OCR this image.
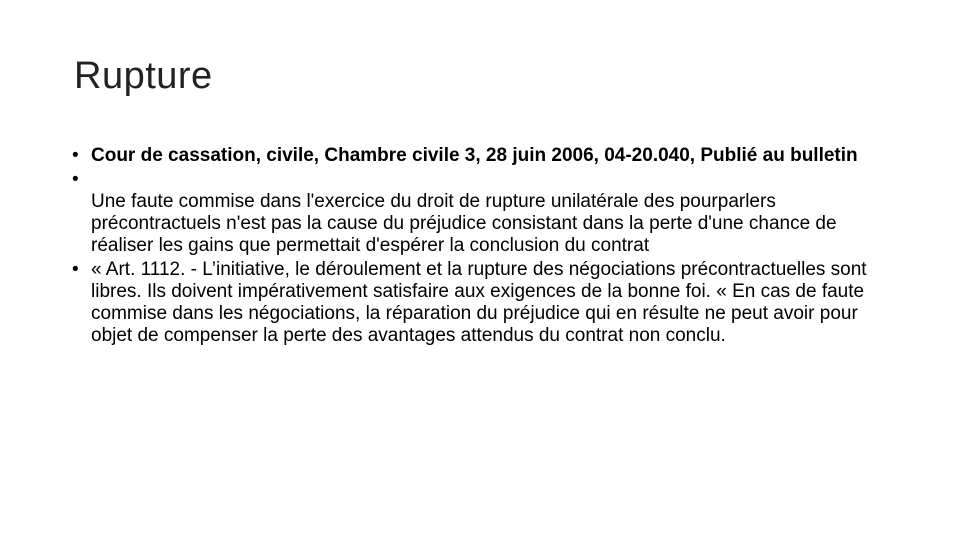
Rupture
• Cour de cassation, civile, Chambre civile 3, 28 juin 2006, 04-20.040, Publié au bulletin
•
Une faute commise dans l'exercice du droit de rupture unilatérale des pourparlers précontractuels n'est pas la cause du préjudice consistant dans la perte d'une chance de réaliser les gains que permettait d'espérer la conclusion du contrat
• « Art. 1112. - L’initiative, le déroulement et la rupture des négociations précontractuelles sont libres. Ils doivent impérativement satisfaire aux exigences de la bonne foi. « En cas de faute commise dans les négociations, la réparation du préjudice qui en résulte ne peut avoir pour objet de compenser la perte des avantages attendus du contrat non conclu.
